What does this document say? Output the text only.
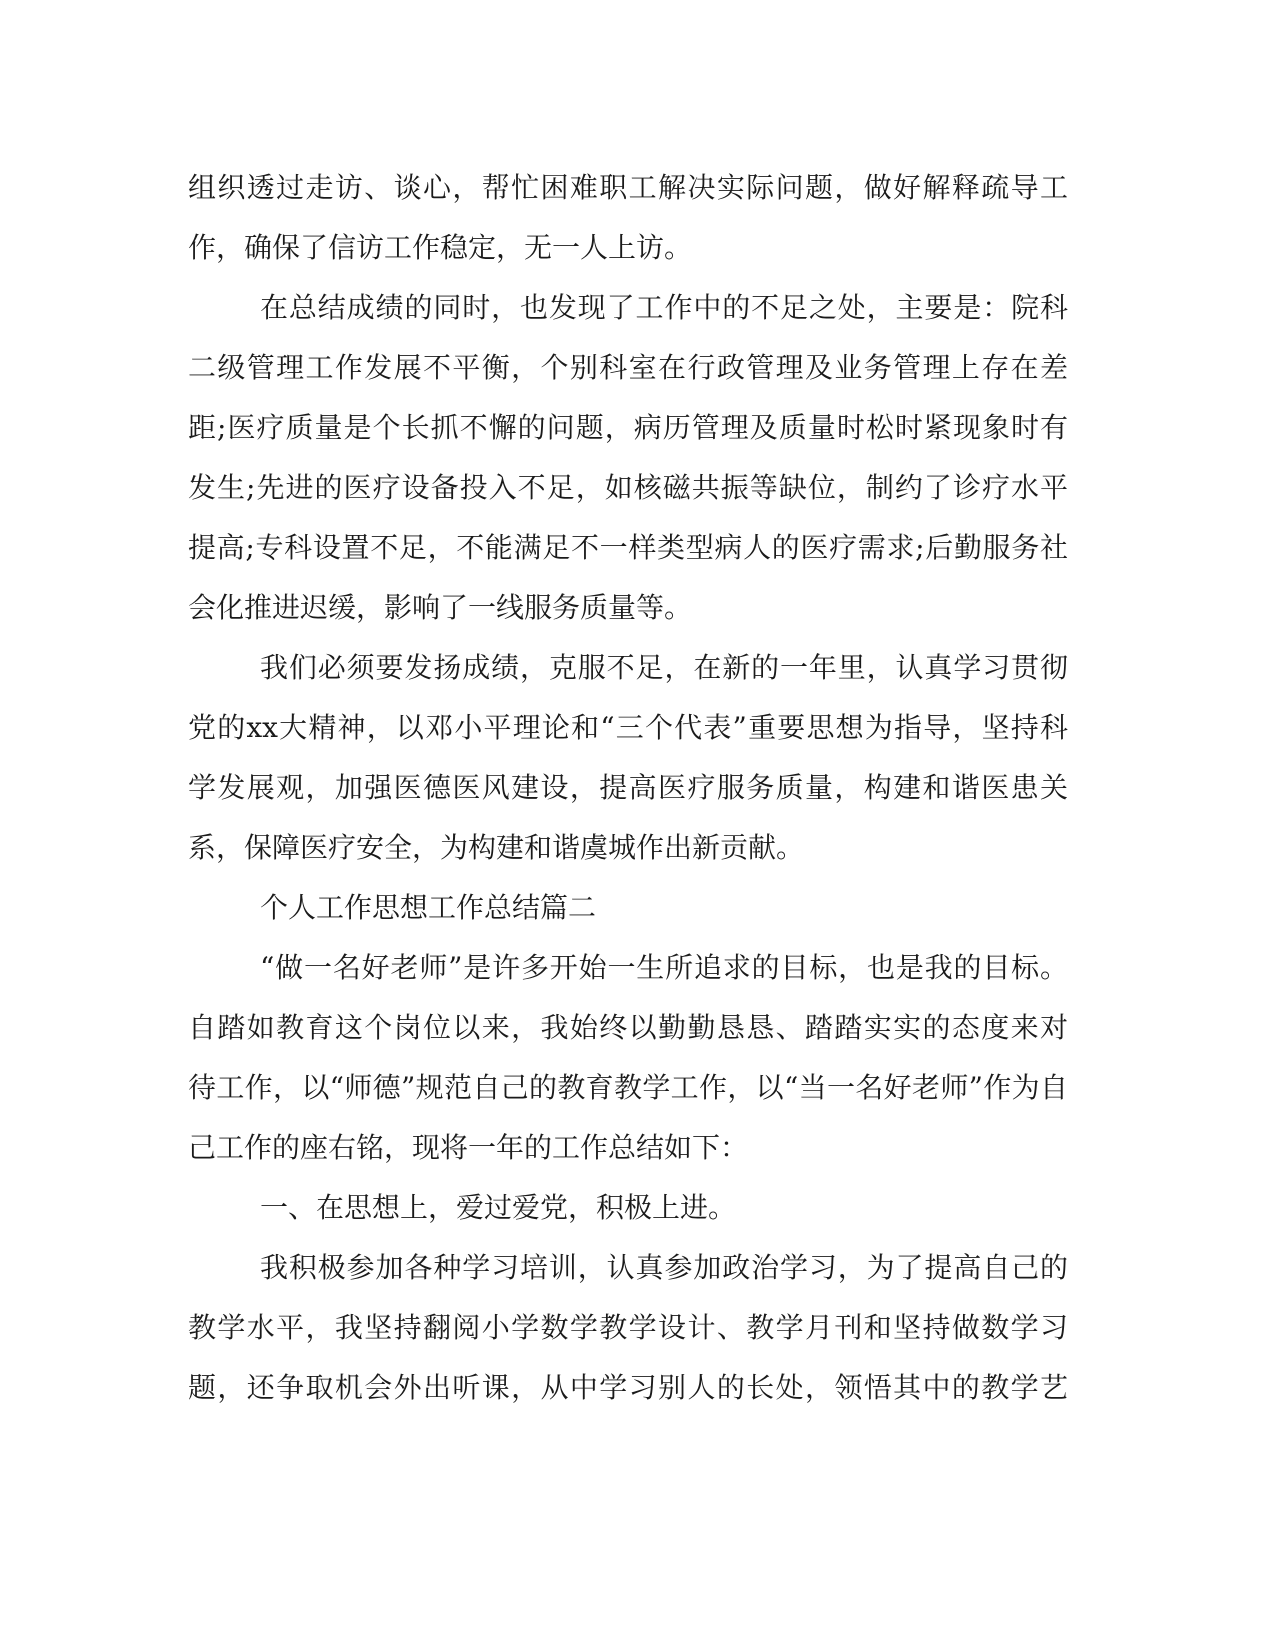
组织透过走访、谈心，帮忙困难职工解决实际问题，做好解释疏导工
作，确保了信访工作稳定，无一人上访。
在总结成绩的同时，也发现了工作中的不足之处，主要是：院科
二级管理工作发展不平衡，个别科室在行政管理及业务管理上存在差
距;医疗质量是个长抓不懈的问题，病历管理及质量时松时紧现象时有
发生;先进的医疗设备投入不足，如核磁共振等缺位，制约了诊疗水平
提高;专科设置不足，不能满足不一样类型病人的医疗需求;后勤服务社
会化推进迟缓，影响了一线服务质量等。
我们必须要发扬成绩，克服不足，在新的一年里，认真学习贯彻
党的xx大精神，以邓小平理论和“三个代表”重要思想为指导，坚持科
学发展观，加强医德医风建设，提高医疗服务质量，构建和谐医患关
系，保障医疗安全，为构建和谐虞城作出新贡献。
个人工作思想工作总结篇二
“做一名好老师”是许多开始一生所追求的目标，也是我的目标。
自踏如教育这个岗位以来，我始终以勤勤恳恳、踏踏实实的态度来对
待工作，以“师德”规范自己的教育教学工作，以“当一名好老师”作为自
己工作的座右铭，现将一年的工作总结如下：
一、在思想上，爱过爱党，积极上进。
我积极参加各种学习培训，认真参加政治学习，为了提高自己的
教学水平，我坚持翻阅小学数学教学设计、教学月刊和坚持做数学习
题，还争取机会外出听课，从中学习别人的长处，领悟其中的教学艺
